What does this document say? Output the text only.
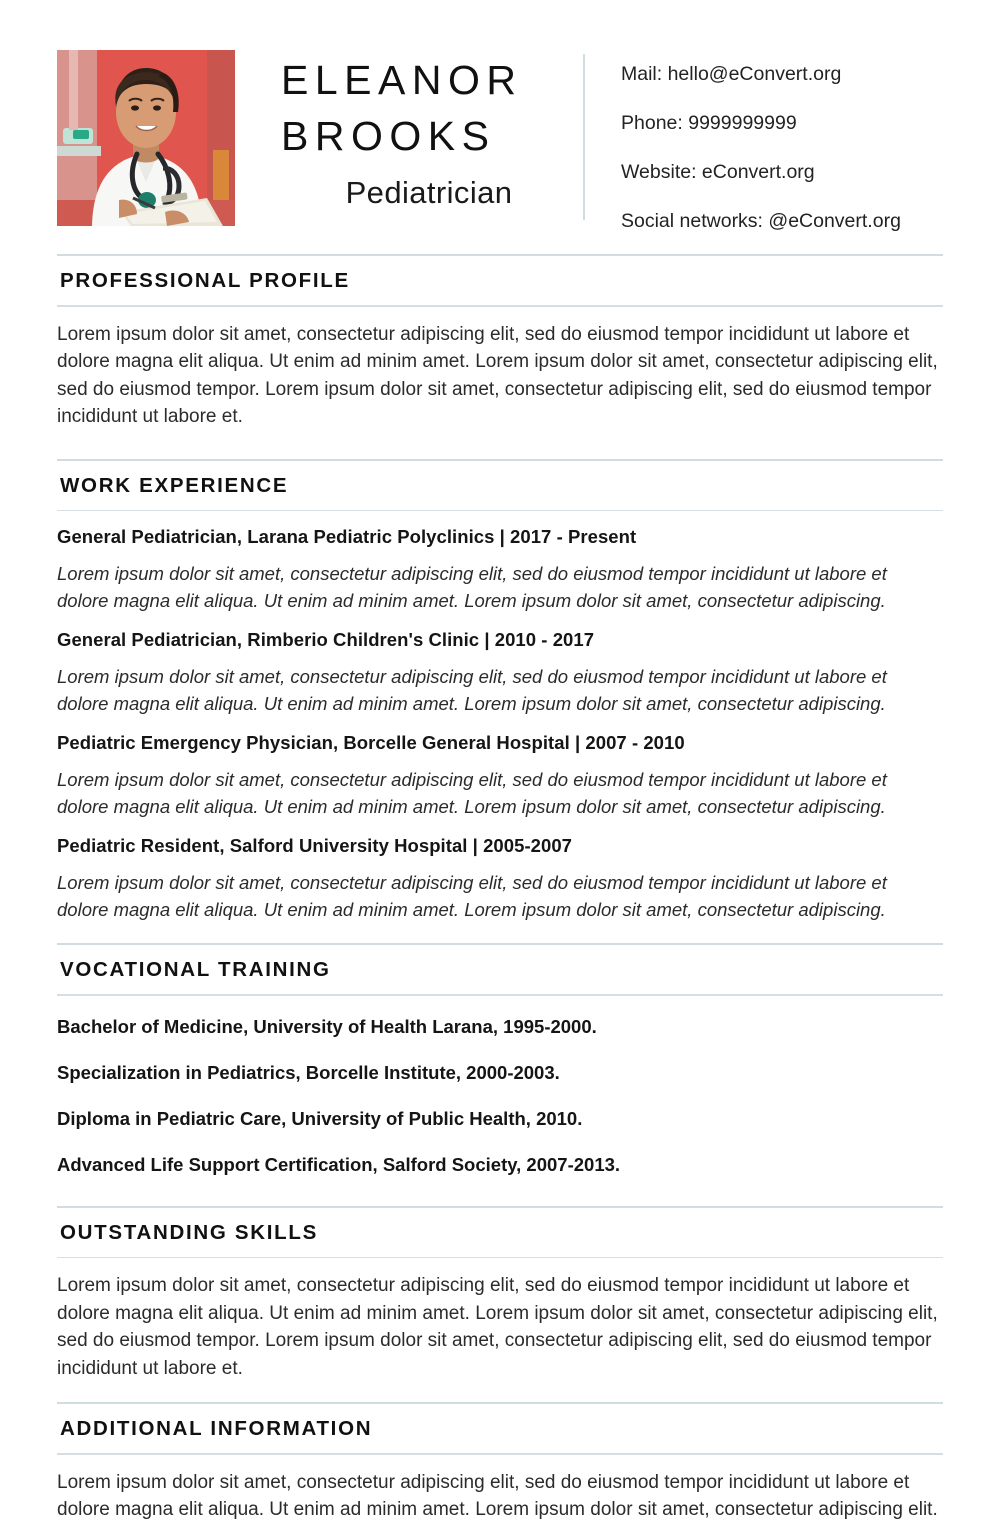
ELEANOR
BROOKS
Pediatrician
Mail: hello@eConvert.org
Phone: 9999999999
Website: eConvert.org
Social networks: @eConvert.org
PROFESSIONAL PROFILE
Lorem ipsum dolor sit amet, consectetur adipiscing elit, sed do eiusmod tempor incididunt ut labore et dolore magna elit aliqua. Ut enim ad minim amet. Lorem ipsum dolor sit amet, consectetur adipiscing elit, sed do eiusmod tempor. Lorem ipsum dolor sit amet, consectetur adipiscing elit, sed do eiusmod tempor incididunt ut labore et.
WORK EXPERIENCE
General Pediatrician, Larana Pediatric Polyclinics | 2017 - Present
Lorem ipsum dolor sit amet, consectetur adipiscing elit, sed do eiusmod tempor incididunt ut labore et dolore magna elit aliqua. Ut enim ad minim amet. Lorem ipsum dolor sit amet, consectetur adipiscing.
General Pediatrician, Rimberio Children's Clinic | 2010 - 2017
Lorem ipsum dolor sit amet, consectetur adipiscing elit, sed do eiusmod tempor incididunt ut labore et dolore magna elit aliqua. Ut enim ad minim amet. Lorem ipsum dolor sit amet, consectetur adipiscing.
Pediatric Emergency Physician, Borcelle General Hospital | 2007 - 2010
Lorem ipsum dolor sit amet, consectetur adipiscing elit, sed do eiusmod tempor incididunt ut labore et dolore magna elit aliqua. Ut enim ad minim amet. Lorem ipsum dolor sit amet, consectetur adipiscing.
Pediatric Resident, Salford University Hospital | 2005-2007
Lorem ipsum dolor sit amet, consectetur adipiscing elit, sed do eiusmod tempor incididunt ut labore et dolore magna elit aliqua. Ut enim ad minim amet. Lorem ipsum dolor sit amet, consectetur adipiscing.
VOCATIONAL TRAINING
Bachelor of Medicine, University of Health Larana, 1995-2000.
Specialization in Pediatrics, Borcelle Institute, 2000-2003.
Diploma in Pediatric Care, University of Public Health, 2010.
Advanced Life Support Certification, Salford Society, 2007-2013.
OUTSTANDING SKILLS
Lorem ipsum dolor sit amet, consectetur adipiscing elit, sed do eiusmod tempor incididunt ut labore et dolore magna elit aliqua. Ut enim ad minim amet. Lorem ipsum dolor sit amet, consectetur adipiscing elit, sed do eiusmod tempor. Lorem ipsum dolor sit amet, consectetur adipiscing elit, sed do eiusmod tempor incididunt ut labore et.
ADDITIONAL INFORMATION
Lorem ipsum dolor sit amet, consectetur adipiscing elit, sed do eiusmod tempor incididunt ut labore et dolore magna elit aliqua. Ut enim ad minim amet. Lorem ipsum dolor sit amet, consectetur adipiscing elit.
